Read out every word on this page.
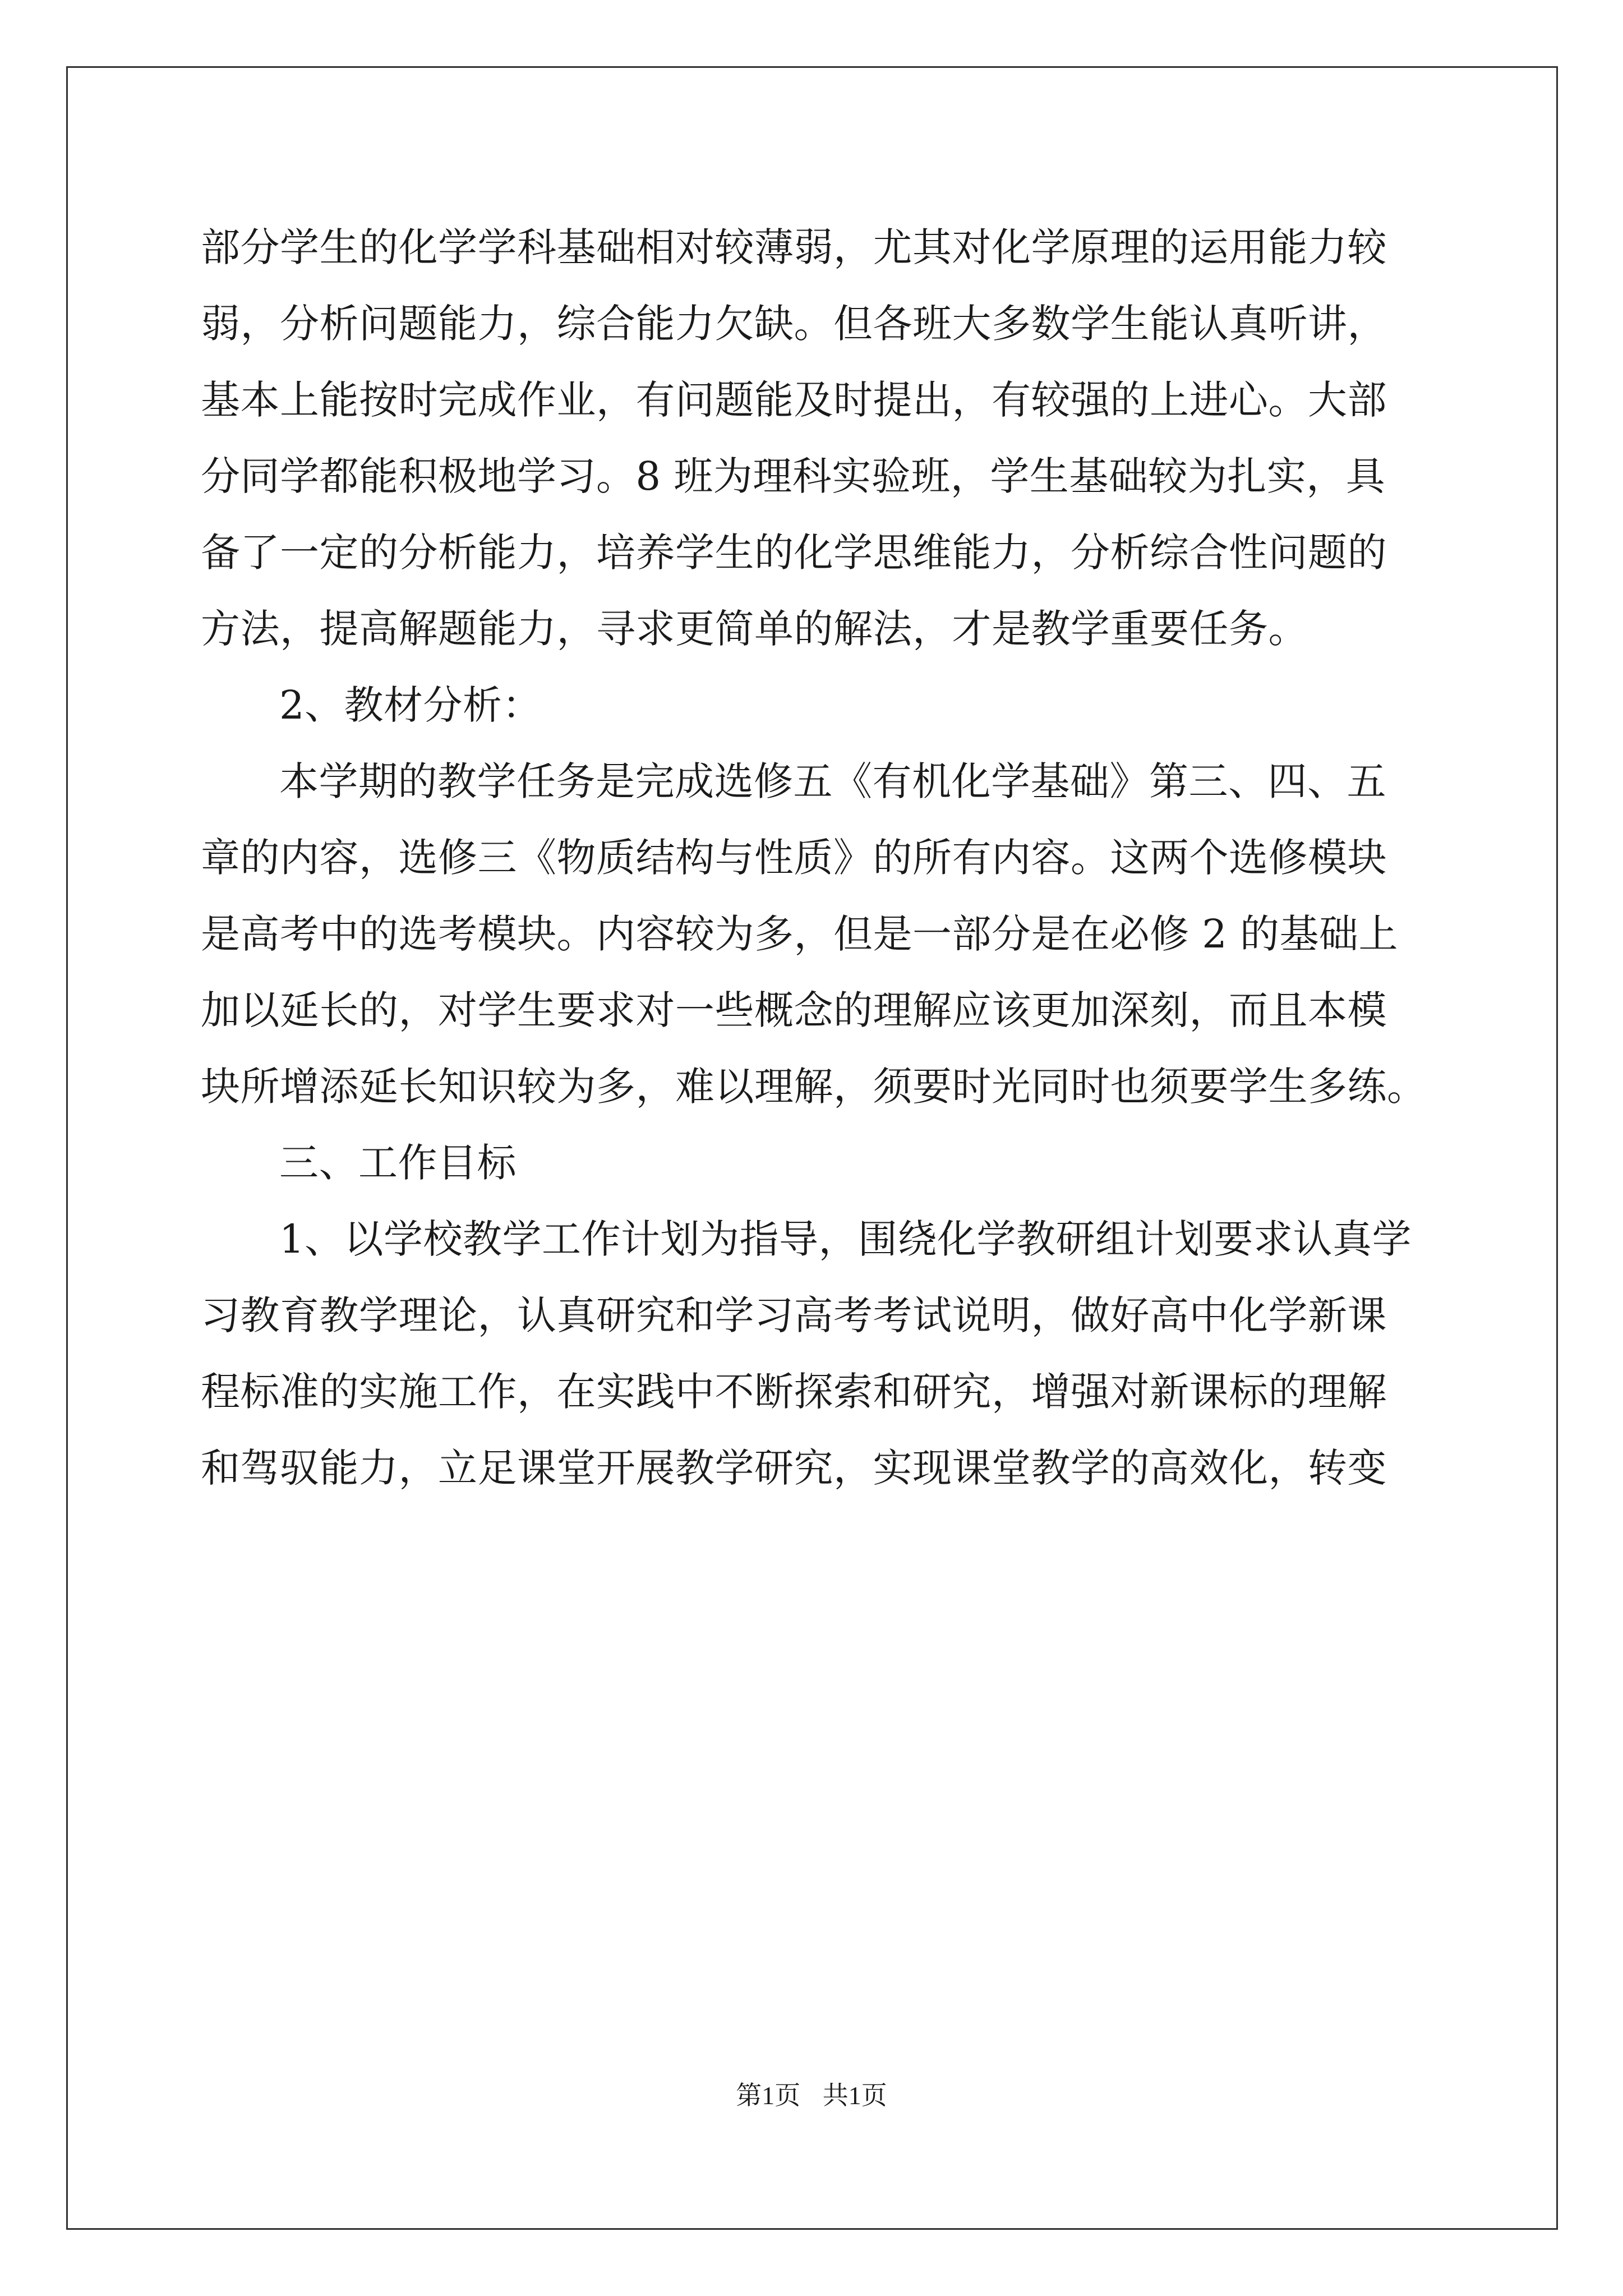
部分学生的化学学科基础相对较薄弱，尤其对化学原理的运用能力较
弱，分析问题能力，综合能力欠缺。但各班大多数学生能认真听讲，
基本上能按时完成作业，有问题能及时提出，有较强的上进心。大部
分同学都能积极地学习。8 班为理科实验班，学生基础较为扎实，具
备了一定的分析能力，培养学生的化学思维能力，分析综合性问题的
方法，提高解题能力，寻求更简单的解法，才是教学重要任务。
2、教材分析：
本学期的教学任务是完成选修五《有机化学基础》第三、四、五
章的内容，选修三《物质结构与性质》的所有内容。这两个选修模块
是高考中的选考模块。内容较为多，但是一部分是在必修 2 的基础上
加以延长的，对学生要求对一些概念的理解应该更加深刻，而且本模
块所增添延长知识较为多，难以理解，须要时光同时也须要学生多练。
三、工作目标
1、以学校教学工作计划为指导，围绕化学教研组计划要求认真学
习教育教学理论，认真研究和学习高考考试说明，做好高中化学新课
程标准的实施工作，在实践中不断探索和研究，增强对新课标的理解
和驾驭能力，立足课堂开展教学研究，实现课堂教学的高效化，转变
第1页 共1页
